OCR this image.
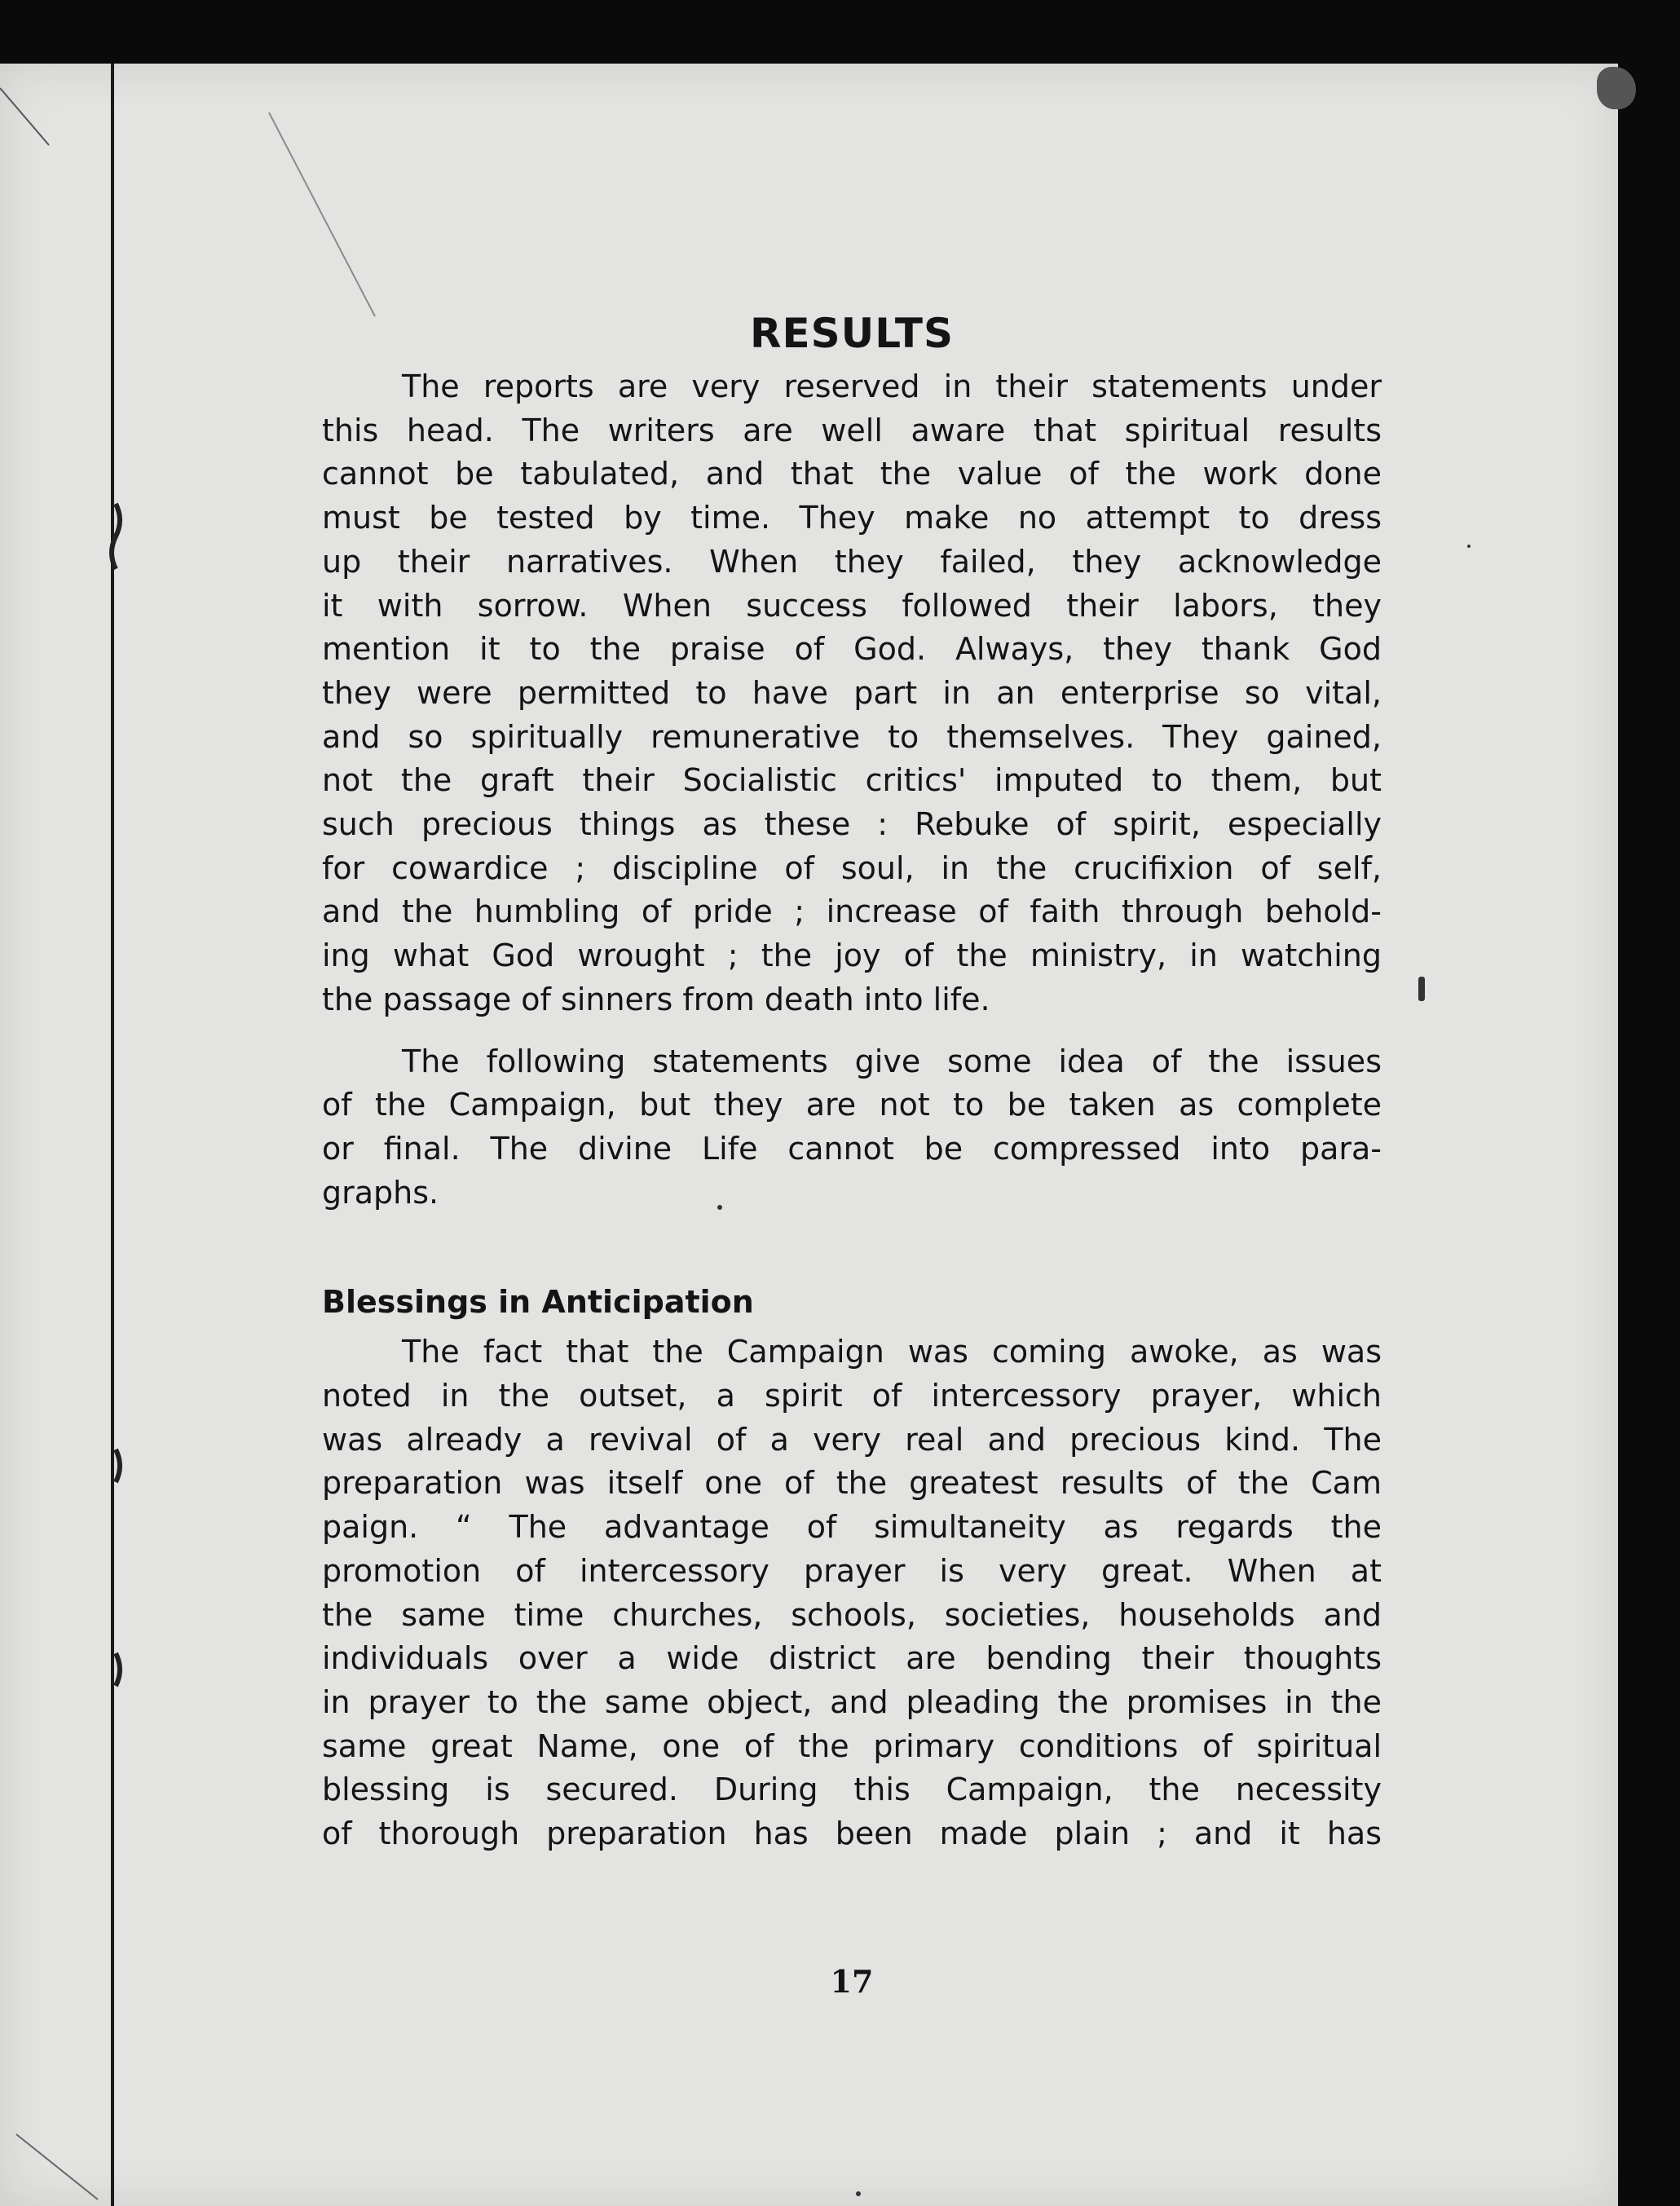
RESULTS
The reports are very reserved in their statements under
this head. The writers are well aware that spiritual results
cannot be tabulated, and that the value of the work done
must be tested by time. They make no attempt to dress
up their narratives. When they failed, they acknowledge
it with sorrow. When success followed their labors, they
mention it to the praise of God. Always, they thank God
they were permitted to have part in an enterprise so vital,
and so spiritually remunerative to themselves. They gained,
not the graft their Socialistic critics' imputed to them, but
such precious things as these : Rebuke of spirit, especially
for cowardice ; discipline of soul, in the crucifixion of self,
and the humbling of pride ; increase of faith through behold-
ing what God wrought ; the joy of the ministry, in watching
the passage of sinners from death into life.
The following statements give some idea of the issues
of the Campaign, but they are not to be taken as complete
or final. The divine Life cannot be compressed into para-
graphs.
Blessings in Anticipation
The fact that the Campaign was coming awoke, as was
noted in the outset, a spirit of intercessory prayer, which
was already a revival of a very real and precious kind. The
preparation was itself one of the greatest results of the Cam
paign. “ The advantage of simultaneity as regards the
promotion of intercessory prayer is very great. When at
the same time churches, schools, societies, households and
individuals over a wide district are bending their thoughts
in prayer to the same object, and pleading the promises in the
same great Name, one of the primary conditions of spiritual
blessing is secured. During this Campaign, the necessity
of thorough preparation has been made plain ; and it has
17
